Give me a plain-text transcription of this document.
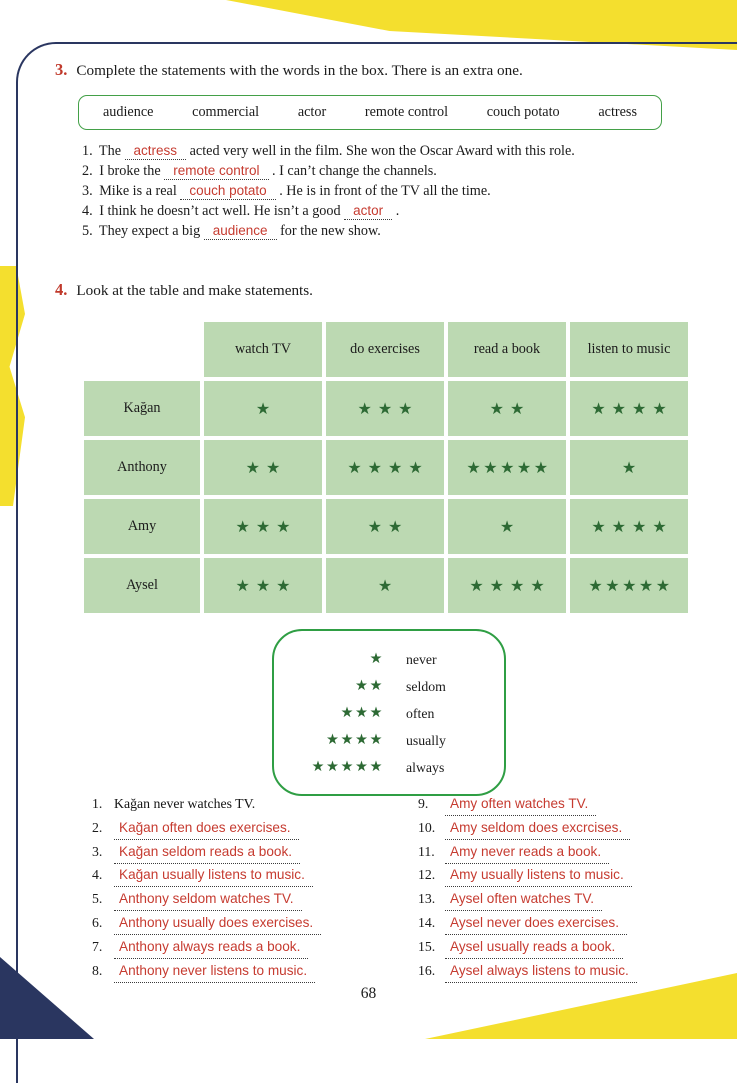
3. Complete the statements with the words in the box. There is an extra one.
audience	commercial	actor	remote control	couch potato	actress
1. The actress acted very well in the film. She won the Oscar Award with this role.
2. I broke the remote control . I can’t change the channels.
3. Mike is a real couch potato . He is in front of the TV all the time.
4. I think he doesn’t act well. He isn’t a good actor .
5. They expect a big audience for the new show.
4. Look at the table and make statements.
watch TV	do exercises	read a book	listen to music
Kağan	★	★★★	★★	★★★★
Anthony	★★	★★★★	★★★★★	★
Amy	★★★	★★	★	★★★★
Aysel	★★★	★	★★★★	★★★★★
★ never
★★ seldom
★★★ often
★★★★ usually
★★★★★ always
1. Kağan never watches TV.
2.	Kağan often does exercises.
3.	Kağan seldom reads a book.
4.	Kağan usually listens to music.
5.	Anthony seldom watches TV.
6.	Anthony usually does exercises.
7.	Anthony always reads a book.
8.	Anthony never listens to music.
9.	Amy often watches TV.
10.	Amy seldom does excrcises.
11.	Amy never reads a book.
12.	Amy usually listens to music.
13.	Aysel often watches TV.
14.	Aysel never does exercises.
15.	Aysel usually reads a book.
16.	Aysel always listens to music.
68
